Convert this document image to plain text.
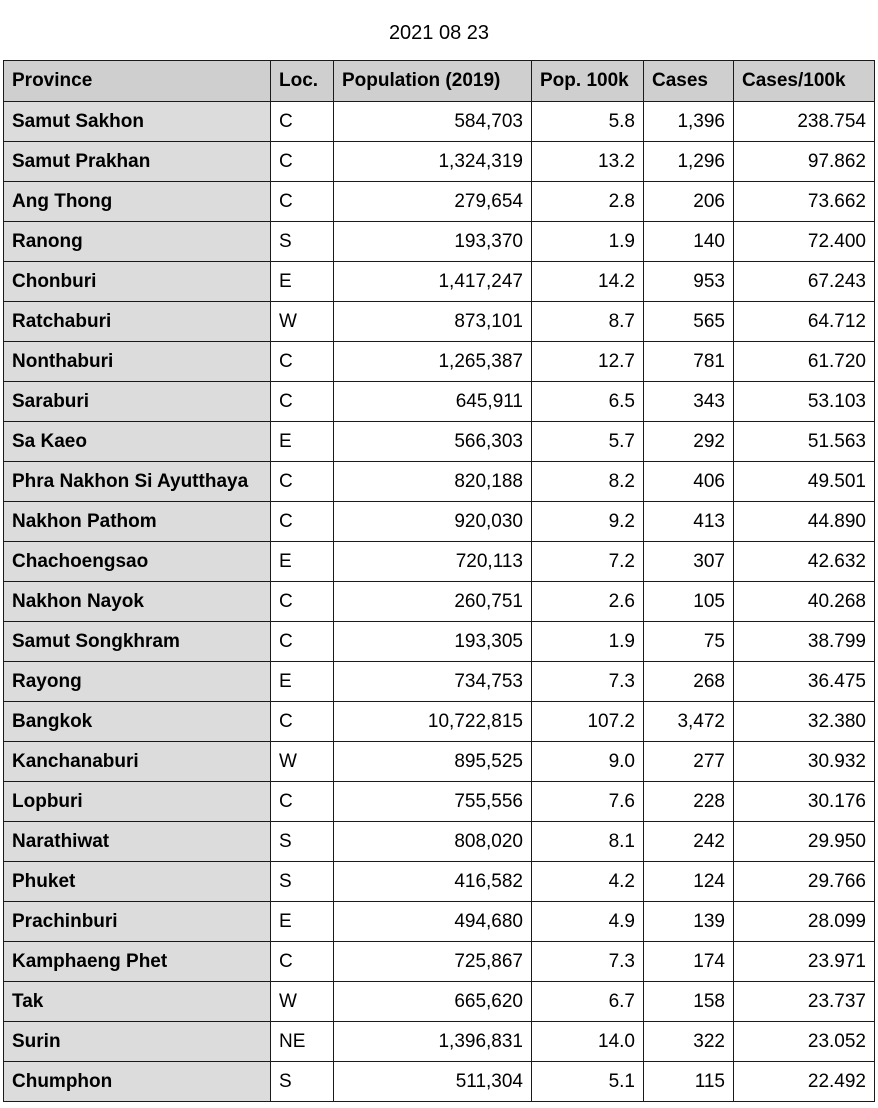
2021 08 23
Province	Loc.	Population (2019)	Pop. 100k	Cases	Cases/100k
Samut Sakhon	C	584,703	5.8	1,396	238.754
Samut Prakhan	C	1,324,319	13.2	1,296	97.862
Ang Thong	C	279,654	2.8	206	73.662
Ranong	S	193,370	1.9	140	72.400
Chonburi	E	1,417,247	14.2	953	67.243
Ratchaburi	W	873,101	8.7	565	64.712
Nonthaburi	C	1,265,387	12.7	781	61.720
Saraburi	C	645,911	6.5	343	53.103
Sa Kaeo	E	566,303	5.7	292	51.563
Phra Nakhon Si Ayutthaya	C	820,188	8.2	406	49.501
Nakhon Pathom	C	920,030	9.2	413	44.890
Chachoengsao	E	720,113	7.2	307	42.632
Nakhon Nayok	C	260,751	2.6	105	40.268
Samut Songkhram	C	193,305	1.9	75	38.799
Rayong	E	734,753	7.3	268	36.475
Bangkok	C	10,722,815	107.2	3,472	32.380
Kanchanaburi	W	895,525	9.0	277	30.932
Lopburi	C	755,556	7.6	228	30.176
Narathiwat	S	808,020	8.1	242	29.950
Phuket	S	416,582	4.2	124	29.766
Prachinburi	E	494,680	4.9	139	28.099
Kamphaeng Phet	C	725,867	7.3	174	23.971
Tak	W	665,620	6.7	158	23.737
Surin	NE	1,396,831	14.0	322	23.052
Chumphon	S	511,304	5.1	115	22.492
